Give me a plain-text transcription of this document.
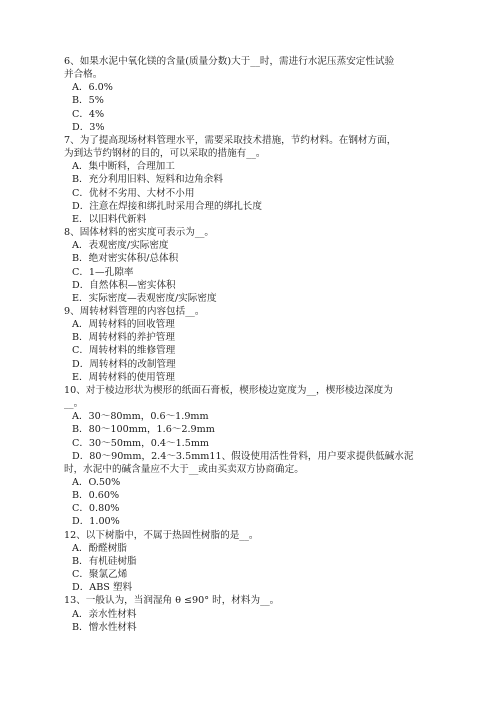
6、如果水泥中氧化镁的含量(质量分数)大于__时，需进行水泥压蒸安定性试验
并合格。
A．6.0%
B．5%
C．4%
D．3%
7、为了提高现场材料管理水平，需要采取技术措施，节约材料。在钢材方面，
为到达节约钢材的目的，可以采取的措施有__。
A．集中断料，合理加工
B．充分利用旧料、短料和边角余料
C．优材不劣用、大材不小用
D．注意在焊接和绑扎时采用合理的绑扎长度
E．以旧料代新料
8、固体材料的密实度可表示为__。
A．表观密度/实际密度
B．绝对密实体积/总体积
C．1—孔隙率
D．自然体积—密实体积
E．实际密度—表观密度/实际密度
9、周转材料管理的内容包括__。
A．周转材料的回收管理
B．周转材料的养护管理
C．周转材料的维修管理
D．周转材料的改制管理
E．周转材料的使用管理
10、对于棱边形状为楔形的纸面石膏板，楔形棱边宽度为__，楔形棱边深度为
__。
A．30～80mm，0.6～1.9mm
B．80～100mm，1.6～2.9mm
C．30～50mm，0.4～1.5mm
D．80～90mm，2.4～3.5mm11、假设使用活性骨料，用户要求提供低碱水泥
时，水泥中的碱含量应不大于__或由买卖双方协商确定。
A．O.50%
B．0.60%
C．0.80%
D．1.00%
12、以下树脂中，不属于热固性树脂的是__。
A．酚醛树脂
B．有机硅树脂
C．聚氯乙烯
D．ABS 塑料
13、一般认为，当润湿角 θ ≤90° 时，材料为__。
A．亲水性材料
B．憎水性材料
